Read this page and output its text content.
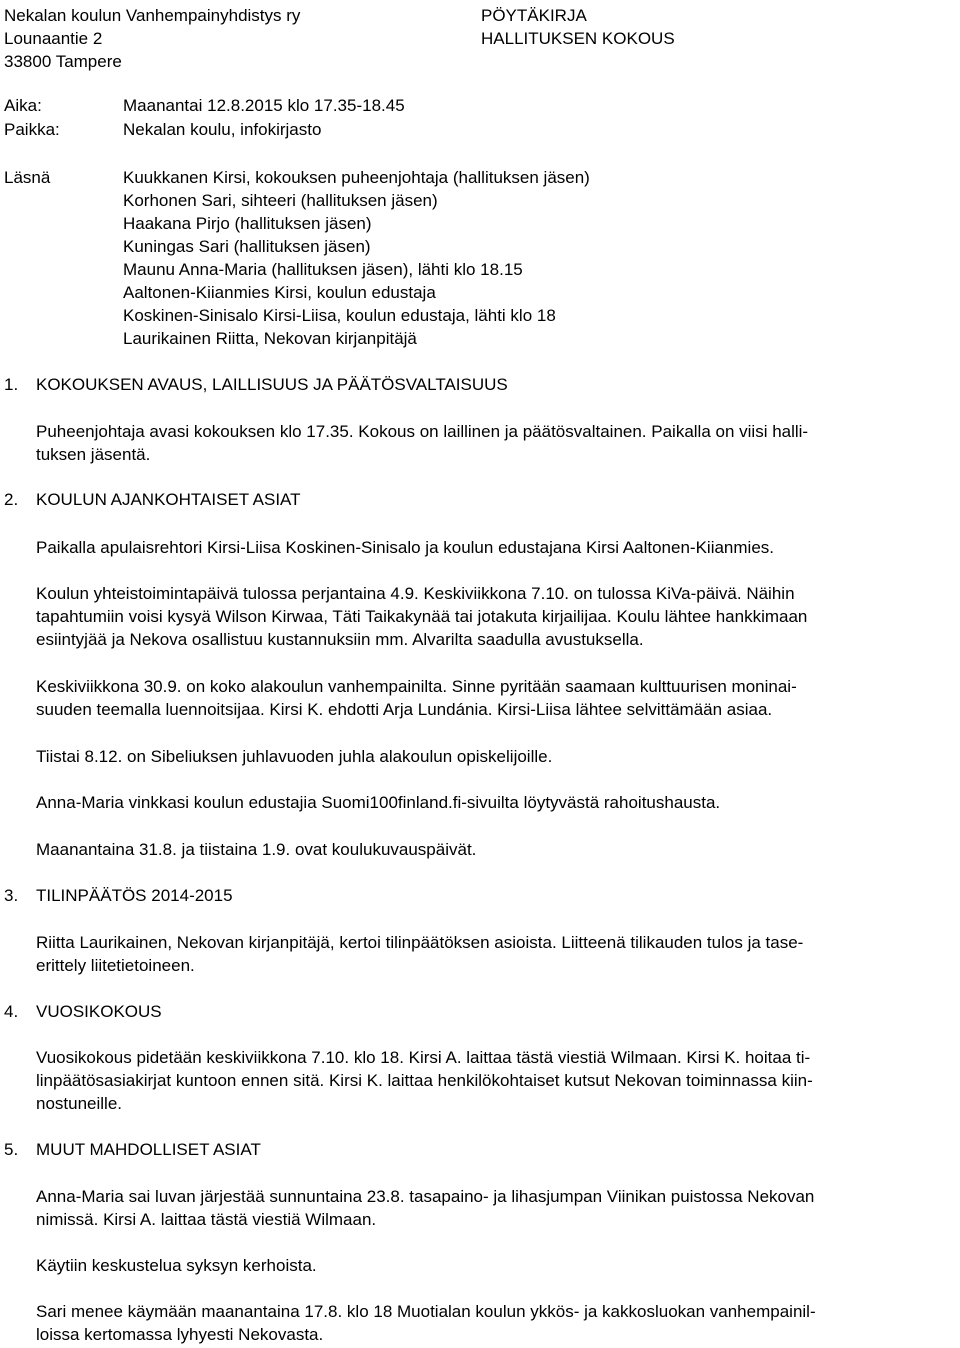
Nekalan koulun Vanhempainyhdistys ry
Lounaantie 2
33800 Tampere
PÖYTÄKIRJA
HALLITUKSEN KOKOUS
Aika:	Maanantai 12.8.2015 klo 17.35-18.45
Paikka:	Nekalan koulu, infokirjasto
Läsnä	Kuukkanen Kirsi, kokouksen puheenjohtaja (hallituksen jäsen)
Korhonen Sari, sihteeri (hallituksen jäsen)
Haakana Pirjo (hallituksen jäsen)
Kuningas Sari (hallituksen jäsen)
Maunu Anna-Maria (hallituksen jäsen), lähti klo 18.15
Aaltonen-Kiianmies Kirsi, koulun edustaja
Koskinen-Sinisalo Kirsi-Liisa, koulun edustaja, lähti klo 18
Laurikainen Riitta, Nekovan kirjanpitäjä
1. KOKOUKSEN AVAUS, LAILLISUUS JA PÄÄTÖSVALTAISUUS
Puheenjohtaja avasi kokouksen klo 17.35. Kokous on laillinen ja päätösvaltainen. Paikalla on viisi halli-
tuksen jäsentä.
2. KOULUN AJANKOHTAISET ASIAT
Paikalla apulaisrehtori Kirsi-Liisa Koskinen-Sinisalo ja koulun edustajana Kirsi Aaltonen-Kiianmies.
Koulun yhteistoimintapäivä tulossa perjantaina 4.9. Keskiviikkona 7.10. on tulossa KiVa-päivä. Näihin
tapahtumiin voisi kysyä Wilson Kirwaa, Täti Taikakynää tai jotakuta kirjailijaa. Koulu lähtee hankkimaan
esiintyjää ja Nekova osallistuu kustannuksiin mm. Alvarilta saadulla avustuksella.
Keskiviikkona 30.9. on koko alakoulun vanhempainilta. Sinne pyritään saamaan kulttuurisen moninai-
suuden teemalla luennoitsijaa. Kirsi K. ehdotti Arja Lundánia. Kirsi-Liisa lähtee selvittämään asiaa.
Tiistai 8.12. on Sibeliuksen juhlavuoden juhla alakoulun opiskelijoille.
Anna-Maria vinkkasi koulun edustajia Suomi100finland.fi-sivuilta löytyvästä rahoitushausta.
Maanantaina 31.8. ja tiistaina 1.9. ovat koulukuvauspäivät.
3. TILINPÄÄTÖS 2014-2015
Riitta Laurikainen, Nekovan kirjanpitäjä, kertoi tilinpäätöksen asioista. Liitteenä tilikauden tulos ja tase-
erittely liitetietoineen.
4. VUOSIKOKOUS
Vuosikokous pidetään keskiviikkona 7.10. klo 18. Kirsi A. laittaa tästä viestiä Wilmaan. Kirsi K. hoitaa ti-
linpäätösasiakirjat kuntoon ennen sitä. Kirsi K. laittaa henkilökohtaiset kutsut Nekovan toiminnassa kiin-
nostuneille.
5. MUUT MAHDOLLISET ASIAT
Anna-Maria sai luvan järjestää sunnuntaina 23.8. tasapaino- ja lihasjumpan Viinikan puistossa Nekovan
nimissä. Kirsi A. laittaa tästä viestiä Wilmaan.
Käytiin keskustelua syksyn kerhoista.
Sari menee käymään maanantaina 17.8. klo 18 Muotialan koulun ykkös- ja kakkosluokan vanhempainil-
loissa kertomassa lyhyesti Nekovasta.
